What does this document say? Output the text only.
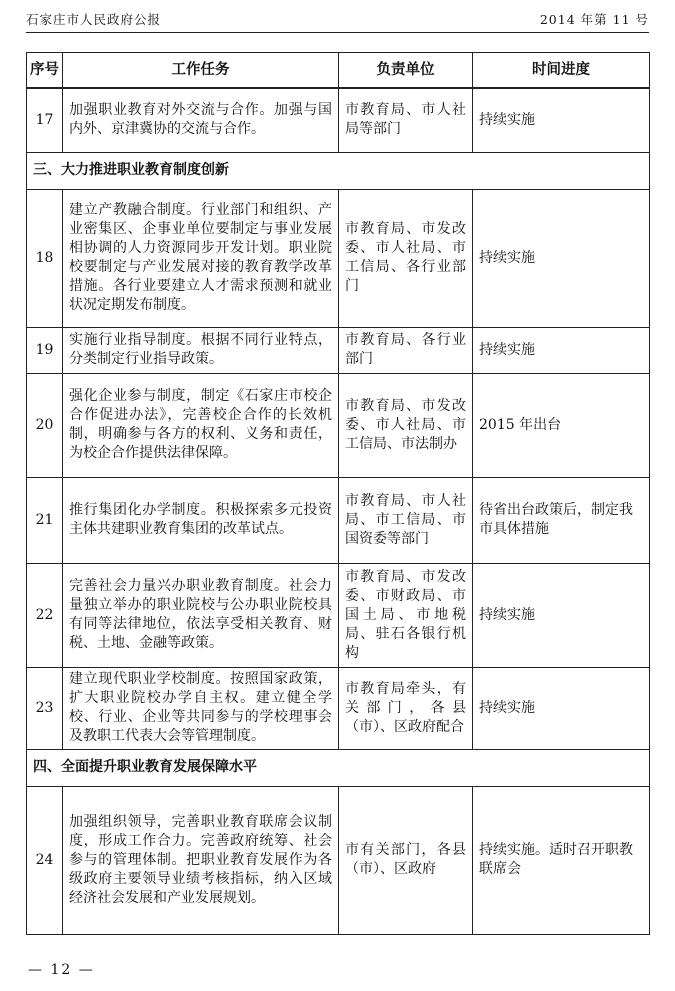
石家庄市人民政府公报	2014 年第 11 号
序号	工作任务	负责单位	时间进度
17	加强职业教育对外交流与合作。加强与国内外、京津冀协的交流与合作。	市教育局、市人社局等部门	持续实施
三、大力推进职业教育制度创新			
18	建立产教融合制度。行业部门和组织、产业密集区、企事业单位要制定与事业发展相协调的人力资源同步开发计划。职业院校要制定与产业发展对接的教育教学改革措施。各行业要建立人才需求预测和就业状况定期发布制度。	市教育局、市发改委、市人社局、市工信局、各行业部门	持续实施
19	实施行业指导制度。根据不同行业特点，分类制定行业指导政策。	市教育局、各行业部门	持续实施
20	强化企业参与制度，制定《石家庄市校企合作促进办法》，完善校企合作的长效机制，明确参与各方的权利、义务和责任，为校企合作提供法律保障。	市教育局、市发改委、市人社局、市工信局、市法制办	2015 年出台
21	推行集团化办学制度。积极探索多元投资主体共建职业教育集团的改革试点。	市教育局、市人社局、市工信局、市国资委等部门	待省出台政策后，制定我市具体措施
22	完善社会力量兴办职业教育制度。社会力量独立举办的职业院校与公办职业院校具有同等法律地位，依法享受相关教育、财税、土地、金融等政策。	市教育局、市发改委、市财政局、市国土局、市地税局、驻石各银行机构	持续实施
23	建立现代职业学校制度。按照国家政策，扩大职业院校办学自主权。建立健全学校、行业、企业等共同参与的学校理事会及教职工代表大会等管理制度。	市教育局牵头，有关部门，各县（市）、区政府配合	持续实施
四、全面提升职业教育发展保障水平			
24	加强组织领导，完善职业教育联席会议制度，形成工作合力。完善政府统筹、社会参与的管理体制。把职业教育发展作为各级政府主要领导业绩考核指标，纳入区域经济社会发展和产业发展规划。	市有关部门，各县（市）、区政府	持续实施。适时召开职教联席会
— 12 —
